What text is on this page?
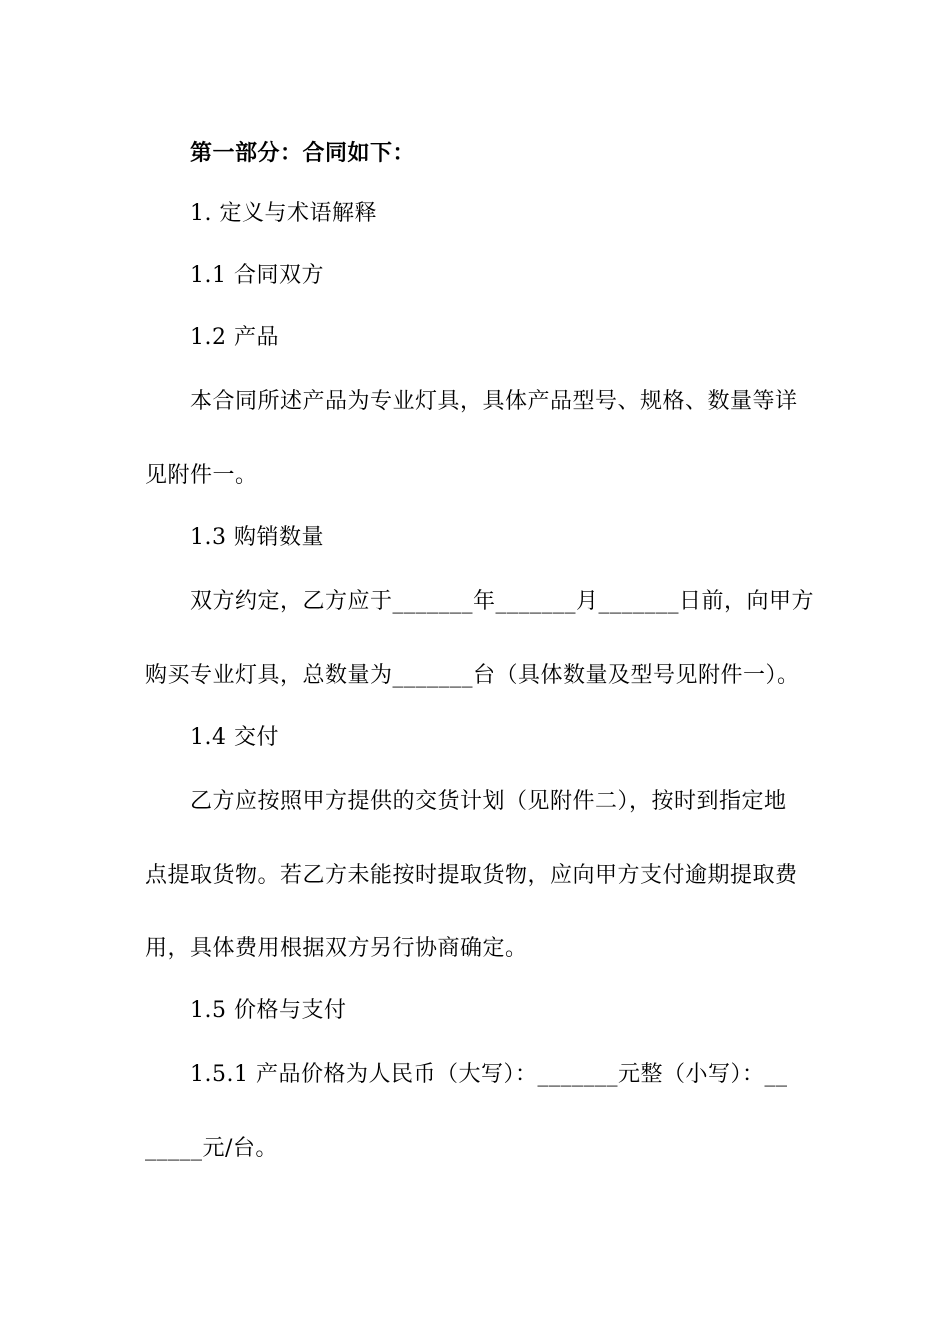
第一部分：合同如下：
1. 定义与术语解释
1.1 合同双方
1.2 产品
本合同所述产品为专业灯具，具体产品型号、规格、数量等详
见附件一。
1.3 购销数量
双方约定，乙方应于_______年_______月_______日前，向甲方
购买专业灯具，总数量为_______台（具体数量及型号见附件一）。
1.4 交付
乙方应按照甲方提供的交货计划（见附件二），按时到指定地
点提取货物。若乙方未能按时提取货物，应向甲方支付逾期提取费
用，具体费用根据双方另行协商确定。
1.5 价格与支付
1.5.1 产品价格为人民币（大写）：_______元整（小写）：__
_____元/台。
